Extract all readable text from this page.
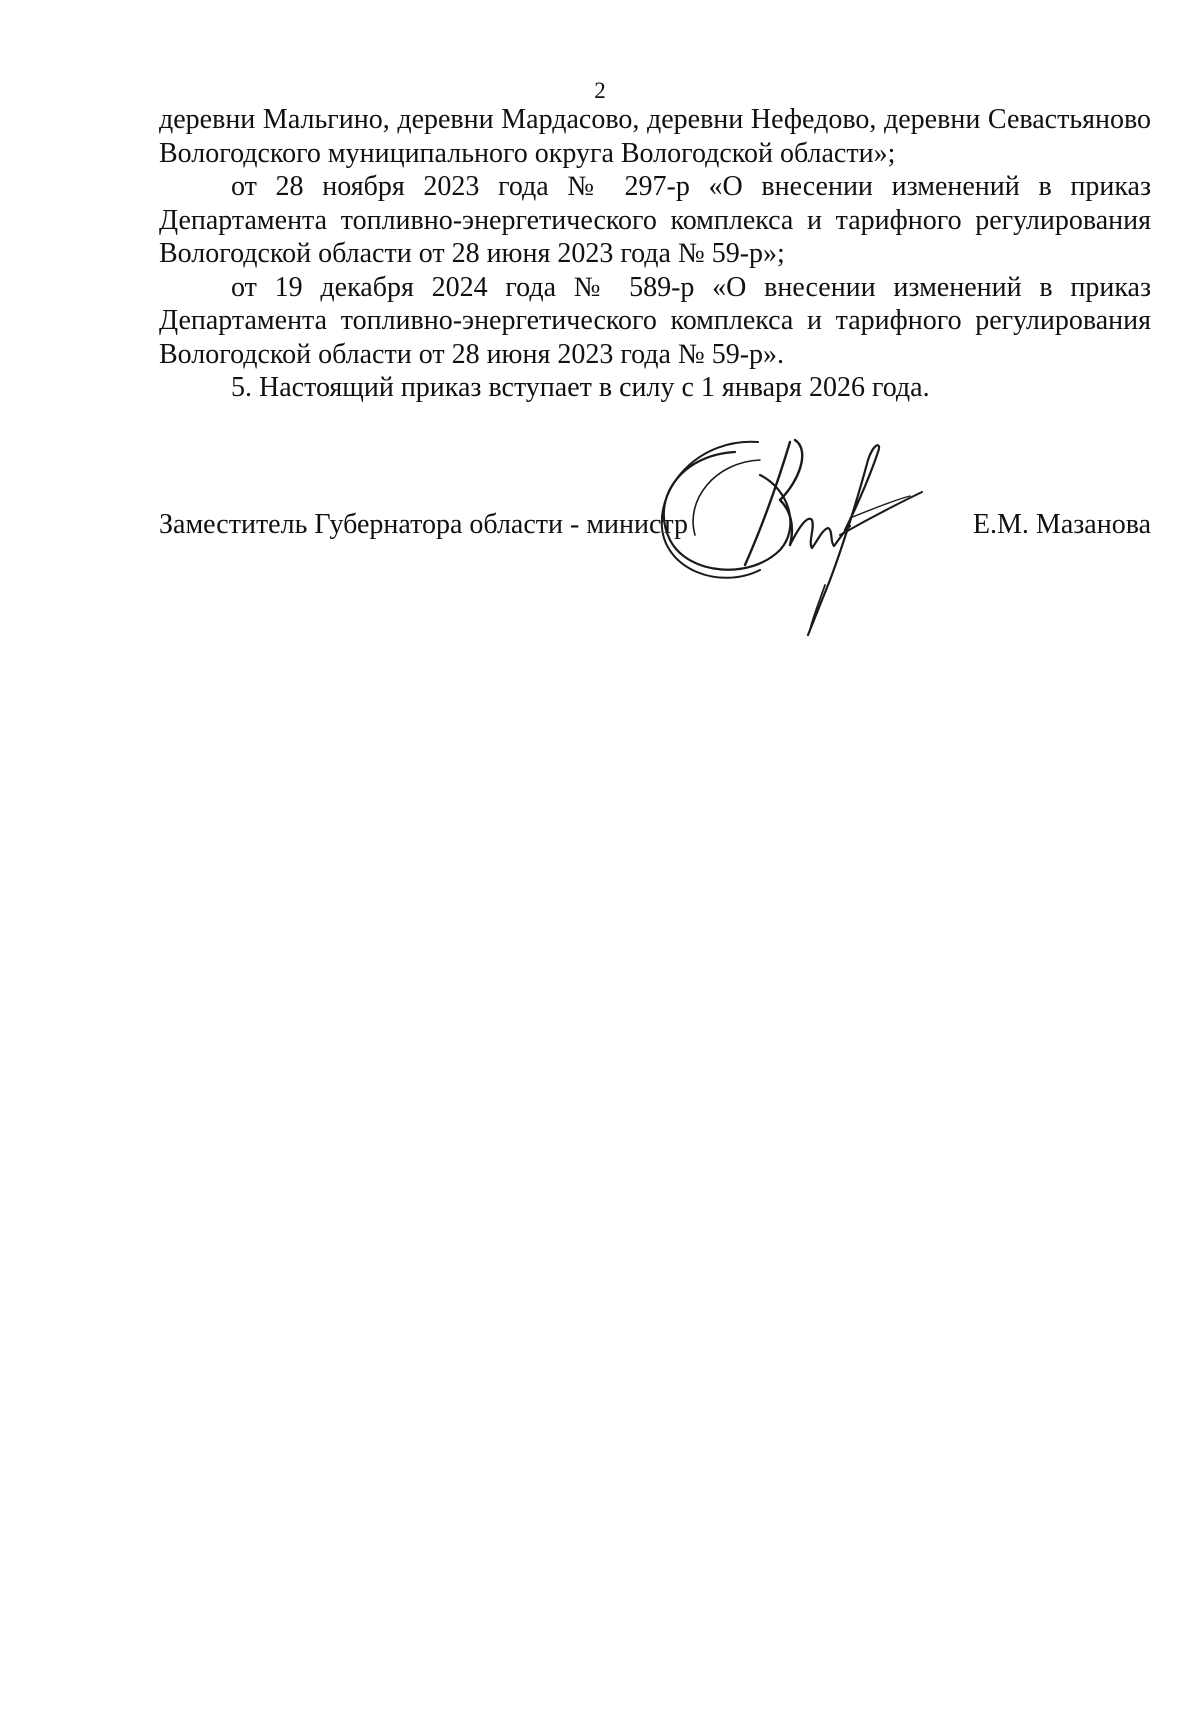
2

деревни Мальгино, деревни Мардасово, деревни Нефедово, деревни Севастьяново Вологодского муниципального округа Вологодской области»;

от 28 ноября 2023 года № 297-р «О внесении изменений в приказ Департамента топливно-энергетического комплекса и тарифного регулирования Вологодской области от 28 июня 2023 года № 59-р»;

от 19 декабря 2024 года № 589-р «О внесении изменений в приказ Департамента топливно-энергетического комплекса и тарифного регулирования Вологодской области от 28 июня 2023 года № 59-р».

5. Настоящий приказ вступает в силу с 1 января 2026 года.

Заместитель Губернатора области - министр	Е.М. Мазанова
